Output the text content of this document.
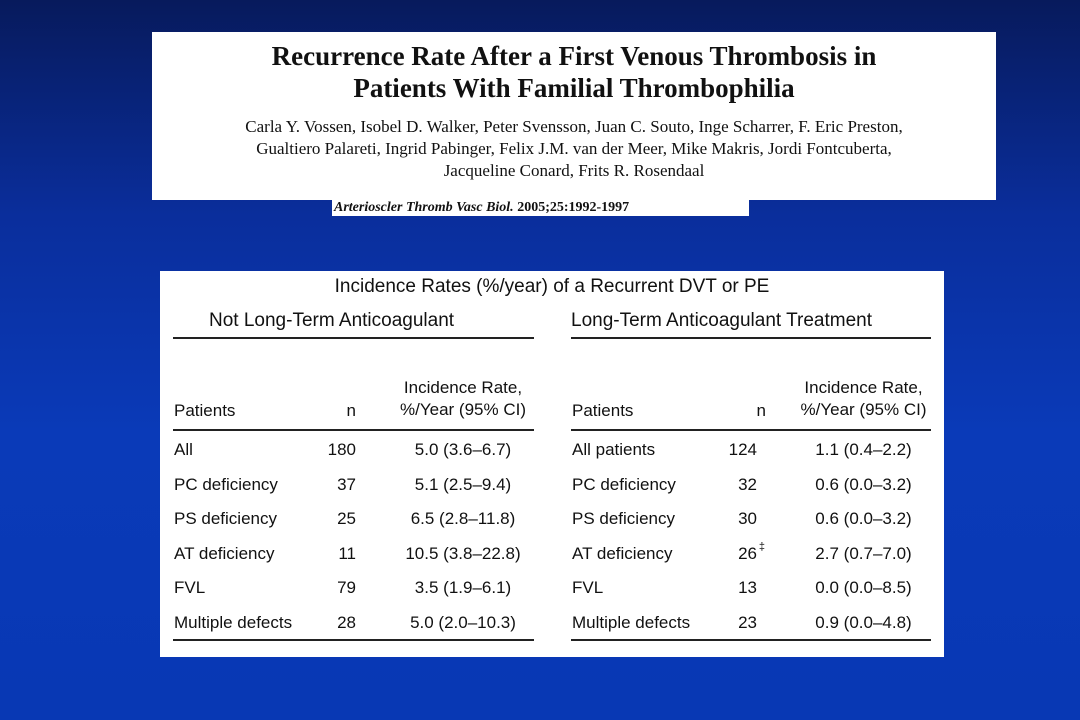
Recurrence Rate After a First Venous Thrombosis in
Patients With Familial Thrombophilia
Carla Y. Vossen, Isobel D. Walker, Peter Svensson, Juan C. Souto, Inge Scharrer, F. Eric Preston,
Gualtiero Palareti, Ingrid Pabinger, Felix J.M. van der Meer, Mike Makris, Jordi Fontcuberta,
Jacqueline Conard, Frits R. Rosendaal
Arterioscler Thromb Vasc Biol. 2005;25:1992-1997
Incidence Rates (%/year) of a Recurrent DVT or PE
Not Long-Term Anticoagulant
Patients	n
Incidence Rate,
%/Year (95% CI)
All	180	5.0 (3.6–6.7)
PC deficiency	37	5.1 (2.5–9.4)
PS deficiency	25	6.5 (2.8–11.8)
AT deficiency	11	10.5 (3.8–22.8)
FVL	79	3.5 (1.9–6.1)
Multiple defects	28	5.0 (2.0–10.3)
Long-Term Anticoagulant Treatment
Patients	n
Incidence Rate,
%/Year (95% CI)
All patients	124	1.1 (0.4–2.2)
PC deficiency	32	0.6 (0.0–3.2)
PS deficiency	30	0.6 (0.0–3.2)
AT deficiency	26	2.7 (0.7–7.0)
‡
FVL	13	0.0 (0.0–8.5)
Multiple defects	23	0.9 (0.0–4.8)
